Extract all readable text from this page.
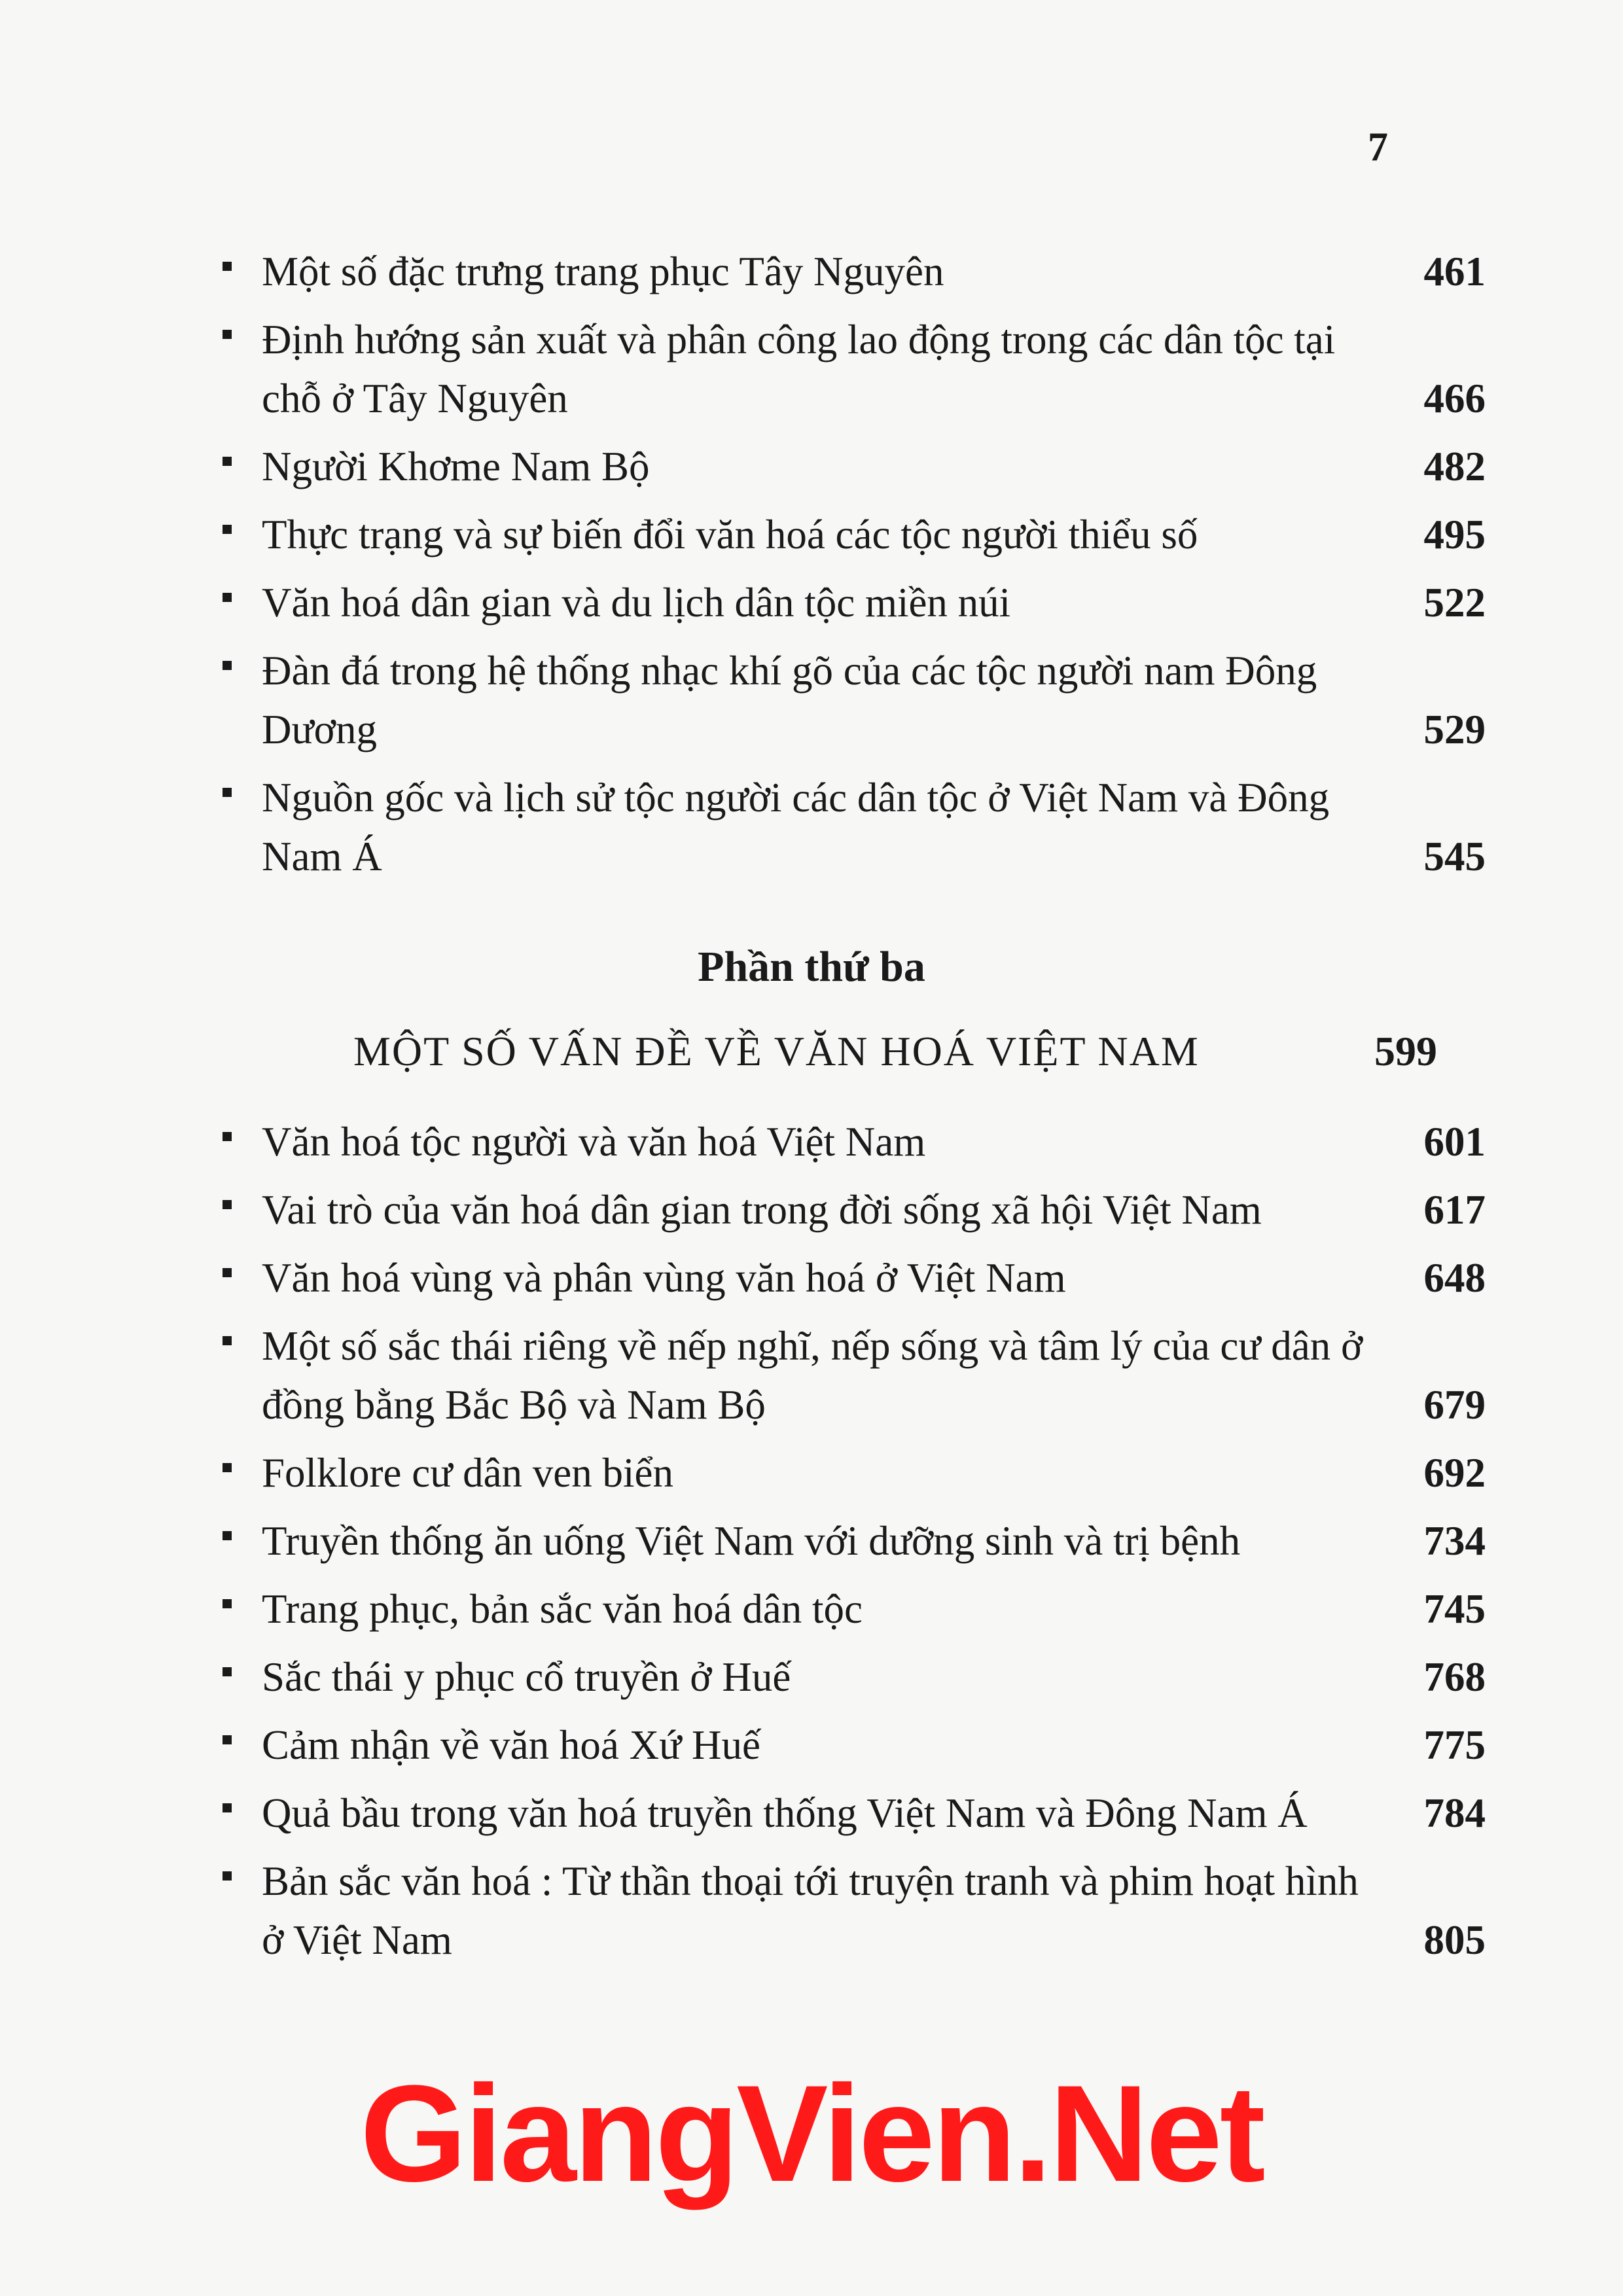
7
Một số đặc trưng trang phục Tây Nguyên	461
Định hướng sản xuất và phân công lao động trong các dân tộc tại chỗ ở Tây Nguyên	466
Người Khơme Nam Bộ	482
Thực trạng và sự biến đổi văn hoá các tộc người thiểu số	495
Văn hoá dân gian và du lịch dân tộc miền núi	522
Đàn đá trong hệ thống nhạc khí gõ của các tộc người nam Đông Dương	529
Nguồn gốc và lịch sử tộc người các dân tộc ở Việt Nam và Đông Nam Á	545
Phần thứ ba
MỘT SỐ VẤN ĐỀ VỀ VĂN HOÁ VIỆT NAM	599
Văn hoá tộc người và văn hoá Việt Nam	601
Vai trò của văn hoá dân gian trong đời sống xã hội Việt Nam	617
Văn hoá vùng và phân vùng văn hoá ở Việt Nam	648
Một số sắc thái riêng về nếp nghĩ, nếp sống và tâm lý của cư dân ở đồng bằng Bắc Bộ và Nam Bộ	679
Folklore cư dân ven biển	692
Truyền thống ăn uống Việt Nam với dưỡng sinh và trị bệnh	734
Trang phục, bản sắc văn hoá dân tộc	745
Sắc thái y phục cổ truyền ở Huế	768
Cảm nhận về văn hoá Xứ Huế	775
Quả bầu trong văn hoá truyền thống Việt Nam và Đông Nam Á	784
Bản sắc văn hoá : Từ thần thoại tới truyện tranh và phim hoạt hình ở Việt Nam	805
GiangVien.Net
